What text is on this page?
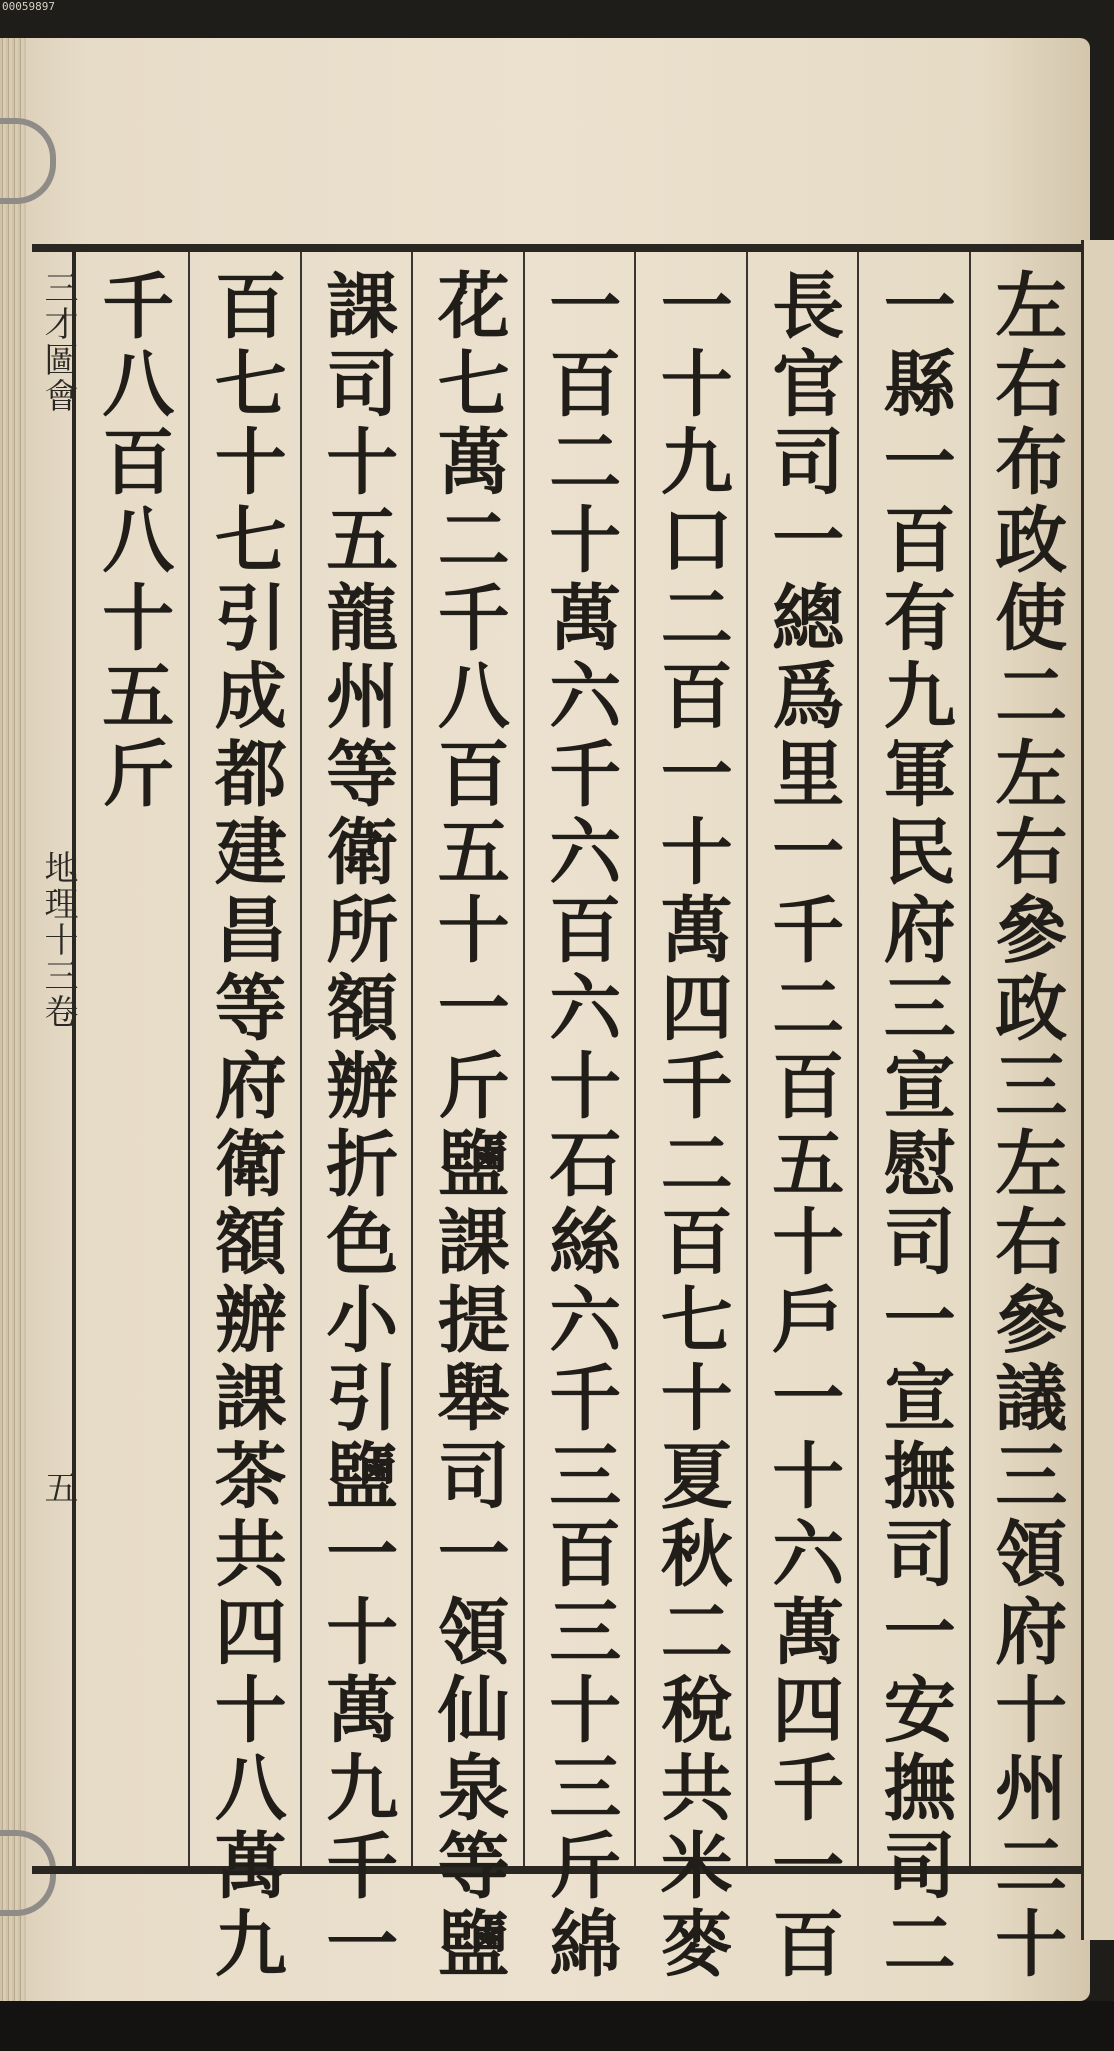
00059897
三才圖會
地理十三卷
五	左右布政使二左右參政三左右參議三領府十州二十
一縣一百有九軍民府三宣慰司一宣撫司一安撫司二
長官司一總爲里一千二百五十戶一十六萬四千一百
一十九口二百一十萬四千二百七十夏秋二稅共米麥
一百二十萬六千六百六十石絲六千三百三十三斤綿
花七萬二千八百五十一斤鹽課提舉司一領仙泉等鹽
課司十五龍州等衛所額辦折色小引鹽一十萬九千一
百七十七引成都建昌等府衛額辦課茶共四十八萬九
千八百八十五斤
